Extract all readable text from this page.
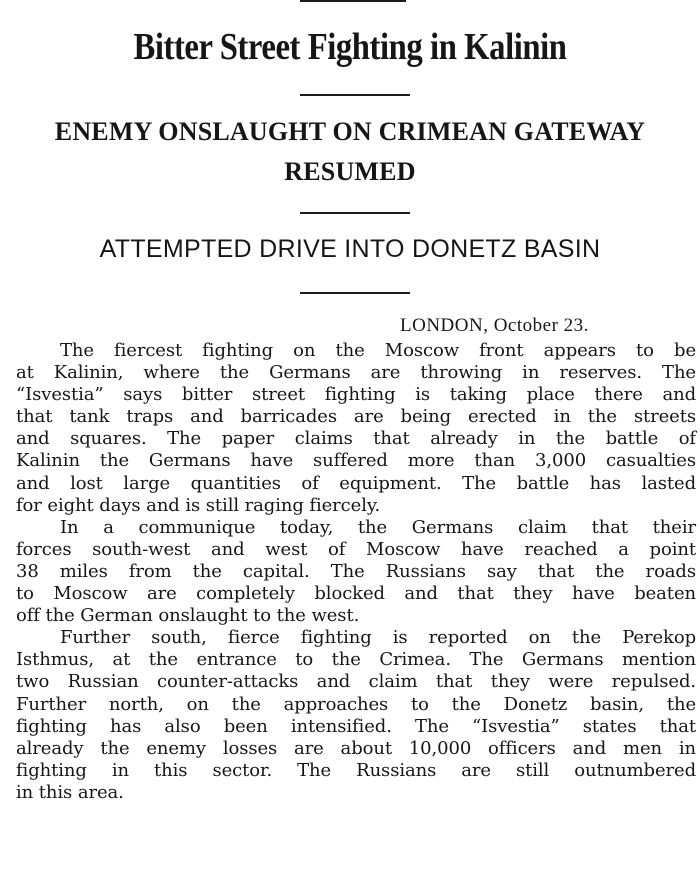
Bitter Street Fighting in Kalinin
ENEMY ONSLAUGHT ON CRIMEAN GATEWAY RESUMED
ATTEMPTED DRIVE INTO DONETZ BASIN
LONDON, October 23.
The fiercest fighting on the Moscow front appears to be
at Kalinin, where the Germans are throwing in reserves. The
“Isvestia” says bitter street fighting is taking place there and
that tank traps and barricades are being erected in the streets
and squares. The paper claims that already in the battle of
Kalinin the Germans have suffered more than 3,000 casualties
and lost large quantities of equipment. The battle has lasted
for eight days and is still raging fiercely.
In a communique today, the Germans claim that their
forces south-west and west of Moscow have reached a point
38 miles from the capital. The Russians say that the roads
to Moscow are completely blocked and that they have beaten
off the German onslaught to the west.
Further south, fierce fighting is reported on the Perekop
Isthmus, at the entrance to the Crimea. The Germans mention
two Russian counter-attacks and claim that they were repulsed.
Further north, on the approaches to the Donetz basin, the
fighting has also been intensified. The “Isvestia” states that
already the enemy losses are about 10,000 officers and men in
fighting in this sector. The Russians are still outnumbered
in this area.
